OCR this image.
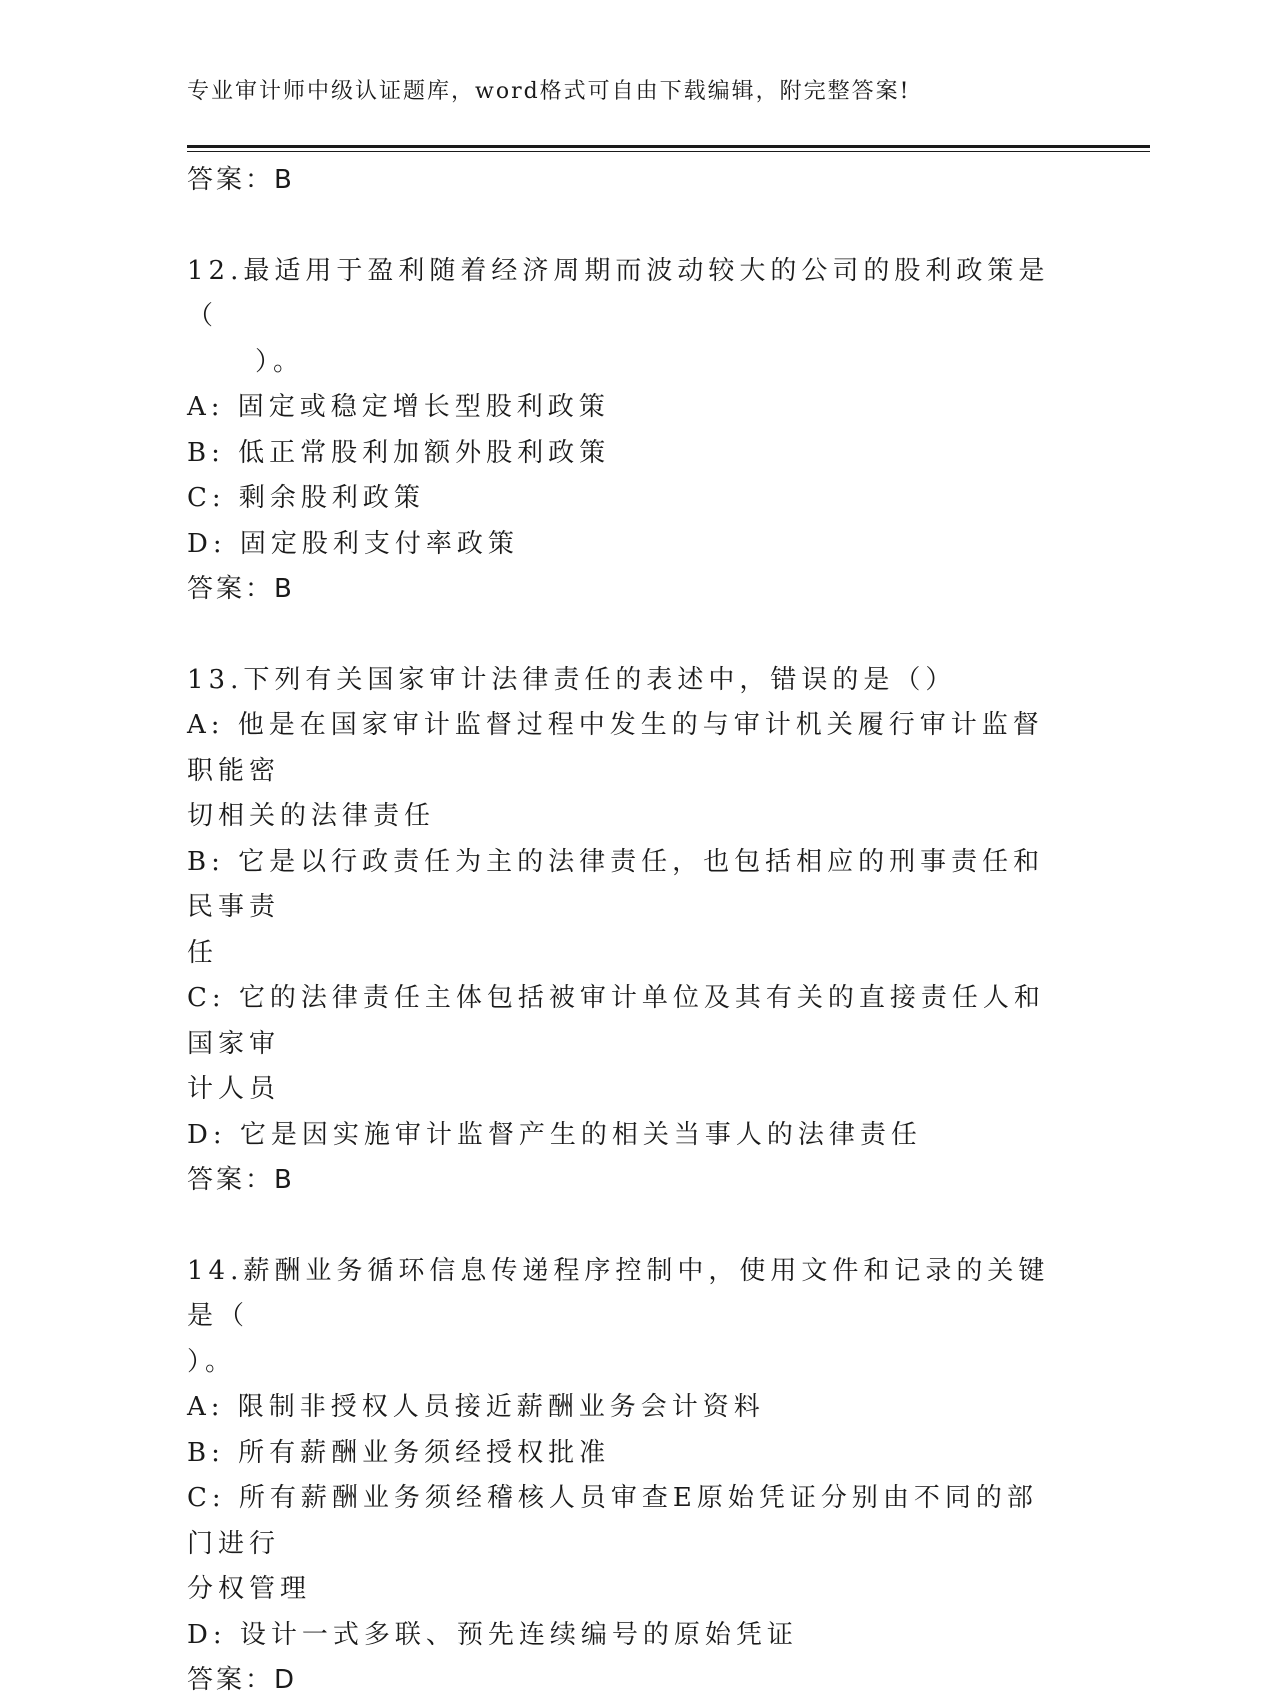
专业审计师中级认证题库，word格式可自由下载编辑，附完整答案!

答案：B

12.最适用于盈利随着经济周期而波动较大的公司的股利政策是（

）。

A: 固定或稳定增长型股利政策

B: 低正常股利加额外股利政策

C: 剩余股利政策

D: 固定股利支付率政策

答案：B

13.下列有关国家审计法律责任的表述中，错误的是（）

A: 他是在国家审计监督过程中发生的与审计机关履行审计监督职能密

切相关的法律责任

B: 它是以行政责任为主的法律责任，也包括相应的刑事责任和民事责

任

C: 它的法律责任主体包括被审计单位及其有关的直接责任人和国家审

计人员

D: 它是因实施审计监督产生的相关当事人的法律责任

答案：B

14.薪酬业务循环信息传递程序控制中，使用文件和记录的关键是（

）。

A: 限制非授权人员接近薪酬业务会计资料

B: 所有薪酬业务须经授权批准

C: 所有薪酬业务须经稽核人员审查E原始凭证分别由不同的部门进行

分权管理

D: 设计一式多联、预先连续编号的原始凭证

答案：D
